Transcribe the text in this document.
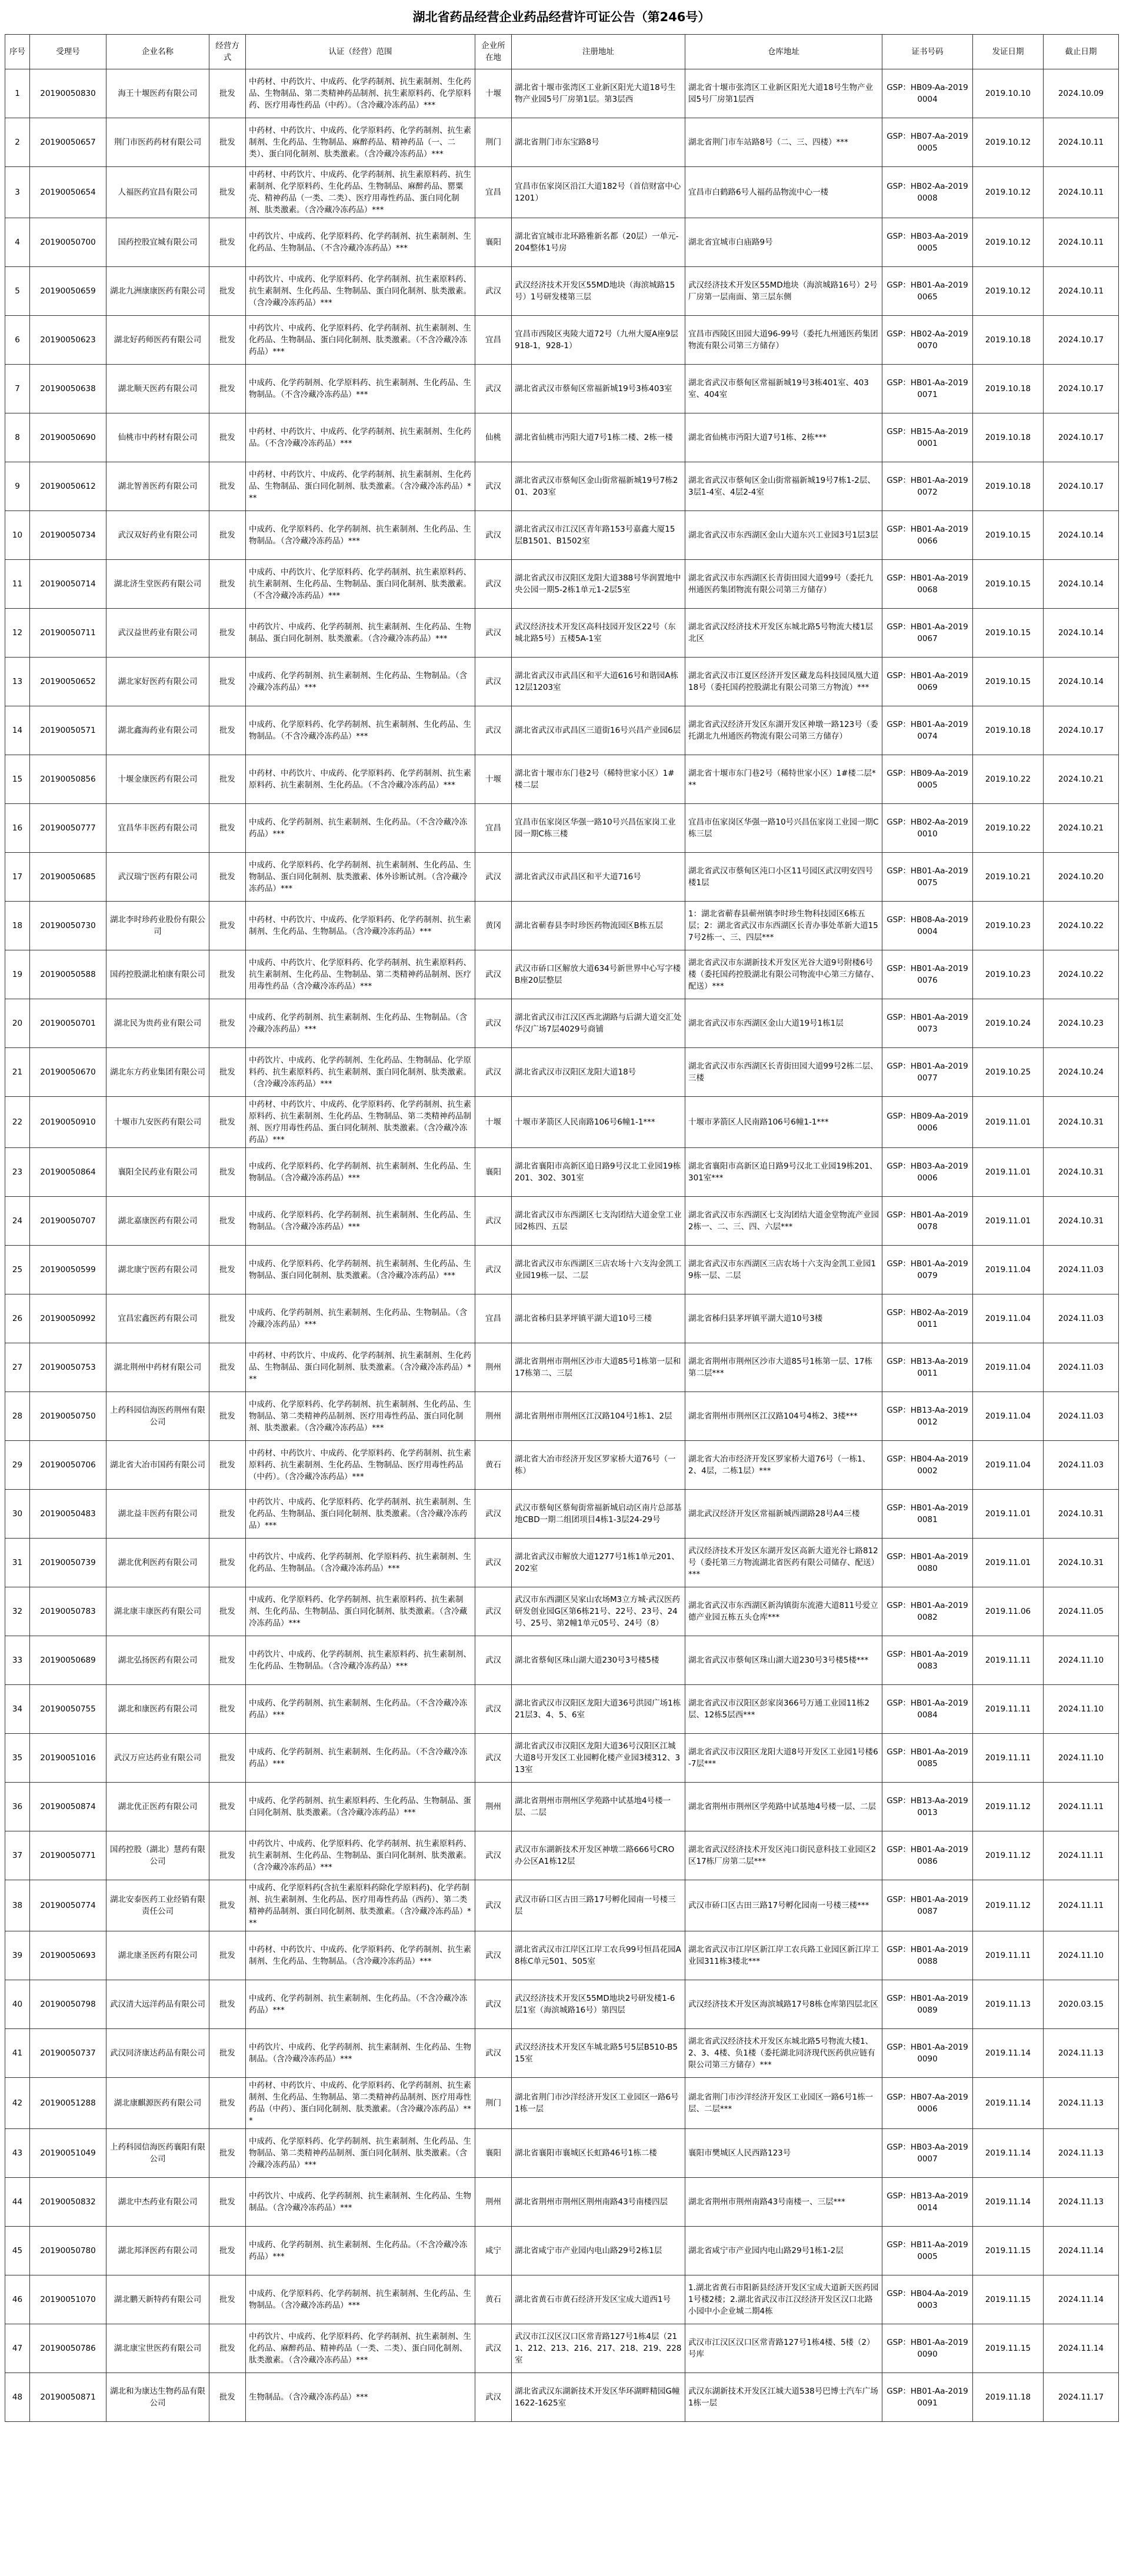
湖北省药品经营企业药品经营许可证公告（第246号）
序号	受理号	企业名称	经营方式	认证（经营）范围	企业所在地	注册地址	仓库地址	证书号码	发证日期	截止日期
1	20190050830	海王十堰医药有限公司	批发	中药材、中药饮片、中成药、化学药制剂、抗生素制剂、生化药品、生物制品、第二类精神药品制剂、抗生素原料药、化学原料药、医疗用毒性药品（中药）。（含冷藏冷冻药品）***	十堰	湖北省十堰市张湾区工业新区阳光大道18号生物产业园5号厂房第1层。第3层西	湖北省十堰市张湾区工业新区阳光大道18号生物产业园5号厂房第1层西	GSP：HB09-Aa-20190004	2019.10.10	2024.10.09
2	20190050657	荆门市医药药材有限公司	批发	中药材、中药饮片、中成药、化学原料药、化学药制剂、抗生素制剂、生化药品、生物制品、麻醉药品、精神药品（一、二类）、蛋白同化制剂、肽类激素。（含冷藏冷冻药品）***	荆门	湖北省荆门市东宝路8号	湖北省荆门市车站路8号（二、三、四楼）***	GSP：HB07-Aa-20190005	2019.10.12	2024.10.11
3	20190050654	人福医药宜昌有限公司	批发	中药材、中药饮片、中成药、化学药制剂、抗生素原料药、抗生素制剂、化学原料药、生化药品、生物制品、麻醉药品、罂粟壳、精神药品（一类、二类）、医疗用毒性药品、蛋白同化制剂、肽类激素。（含冷藏冷冻药品）***	宜昌	宜昌市伍家岗区沿江大道182号（首信财富中心1201）	宜昌市白鹤路6号人福药品物流中心一楼	GSP：HB02-Aa-20190008	2019.10.12	2024.10.11
4	20190050700	国药控股宜城有限公司	批发	中药饮片、中成药、化学原料药、化学药制剂、抗生素制剂、生化药品、生物制品、（不含冷藏冷冻药品）***	襄阳	湖北省宜城市北环路雅新名都（20层）一单元-204整体1号房	湖北省宜城市白庙路9号	GSP：HB03-Aa-20190005	2019.10.12	2024.10.11
5	20190050659	湖北九洲康康医药有限公司	批发	中药饮片、中成药、化学原料药、化学药制剂、抗生素原料药、抗生素制剂、生化药品、生物制品、蛋白同化制剂、肽类激素。（含冷藏冷冻药品）***	武汉	武汉经济技术开发区55MD地块（海滨城路15号）1号研发楼第三层	武汉经济技术开发区55MD地块（海滨城路16号）2号厂房第一层南面、第三层东侧	GSP：HB01-Aa-20190065	2019.10.12	2024.10.11
6	20190050623	湖北好药师医药有限公司	批发	中药饮片、中成药、化学原料药、化学药制剂、抗生素制剂、生化药品、生物制品、蛋白同化制剂、肽类激素。（不含冷藏冷冻药品）***	宜昌	宜昌市西陵区夷陵大道72号（九州大厦A座9层918-1，928-1）	宜昌市西陵区田园大道96-99号（委托九州通医药集团物流有限公司第三方储存）	GSP：HB02-Aa-20190070	2019.10.18	2024.10.17
7	20190050638	湖北顺天医药有限公司	批发	中成药、化学药制剂、化学原料药、抗生素制剂、生化药品、生物制品。（不含冷藏冷冻药品）***	武汉	湖北省武汉市蔡甸区常福新城19号3栋403室	湖北省武汉市蔡甸区常福新城19号3栋401室、403室、404室	GSP：HB01-Aa-20190071	2019.10.18	2024.10.17
8	20190050690	仙桃市中药材有限公司	批发	中药材、中药饮片、中成药、化学药制剂、抗生素制剂、生化药品。（不含冷藏冷冻药品）***	仙桃	湖北省仙桃市沔阳大道7号1栋二楼、2栋一楼	湖北省仙桃市沔阳大道7号1栋、2栋***	GSP：HB15-Aa-20190001	2019.10.18	2024.10.17
9	20190050612	湖北智善医药有限公司	批发	中药材、中药饮片、中成药、化学药制剂、抗生素制剂、生化药品、生物制品、蛋白同化制剂、肽类激素。（含冷藏冷冻药品）***	武汉	湖北省武汉市蔡甸区金山街常福新城19号7栋201、203室	湖北省武汉市蔡甸区金山街常福新城19号7栋1-2层、3层1-4室、4层2-4室	GSP：HB01-Aa-20190072	2019.10.18	2024.10.17
10	20190050734	武汉双好药业有限公司	批发	中成药、化学原料药、化学药制剂、抗生素制剂、生化药品、生物制品。（含冷藏冷冻药品）***	武汉	湖北省武汉市江汉区青年路153号嘉鑫大厦15层B1501、B1502室	湖北省武汉市东西湖区金山大道东兴工业园3号1层3层	GSP：HB01-Aa-20190066	2019.10.15	2024.10.14
11	20190050714	湖北济生堂医药有限公司	批发	中成药、中药饮片、化学原料药、化学药制剂、抗生素原料药、抗生素制剂、生化药品、生物制品、蛋白同化制剂、肽类激素。（不含冷藏冷冻药品）***	武汉	湖北省武汉市汉阳区龙阳大道388号华润置地中央公园一期5-2栋1单元1-2层5室	湖北省武汉市东西湖区长青街田园大道99号（委托九州通医药集团物流有限公司第三方储存）	GSP：HB01-Aa-20190068	2019.10.15	2024.10.14
12	20190050711	武汉益世药业有限公司	批发	中药饮片、中成药、化学药制剂、抗生素制剂、生化药品、生物制品、蛋白同化制剂、肽类激素。（含冷藏冷冻药品）***	武汉	武汉经济技术开发区高科技园开发区22号（东城北路5号）五楼5A-1室	湖北省武汉经济技术开发区东城北路5号物流大楼1层北区	GSP：HB01-Aa-20190067	2019.10.15	2024.10.14
13	20190050652	湖北家好医药有限公司	批发	中成药、化学药制剂、抗生素制剂、生化药品、生物制品。（含冷藏冷冻药品）***	武汉	湖北省武汉市武昌区和平大道616号和谐园A栋12层1203室	湖北省武汉市江夏区经济开发区藏龙岛科技园凤凰大道18号（委托国药控股湖北有限公司第三方物流）***	GSP：HB01-Aa-20190069	2019.10.15	2024.10.14
14	20190050571	湖北鑫海药业有限公司	批发	中成药、化学原料药、化学药制剂、抗生素制剂、生化药品、生物制品。（不含冷藏冷冻药品）***	武汉	湖北省武汉市武昌区三道街16号兴昌产业园6层	湖北省武汉经济开发区东湖开发区神墩一路123号（委托湖北九州通医药物流有限公司第三方储存）	GSP：HB01-Aa-20190074	2019.10.18	2024.10.17
15	20190050856	十堰金康医药有限公司	批发	中药材、中药饮片、中成药、化学原料药、化学药制剂、抗生素原料药、抗生素制剂、生化药品。（不含冷藏冷冻药品）***	十堰	湖北省十堰市东门巷2号（稀特世家小区）1#楼二层	湖北省十堰市东门巷2号（稀特世家小区）1#楼二层***	GSP：HB09-Aa-20190005	2019.10.22	2024.10.21
16	20190050777	宜昌华丰医药有限公司	批发	中成药、化学药制剂、抗生素制剂、生化药品。（不含冷藏冷冻药品）***	宜昌	宜昌市伍家岗区华强一路10号兴昌伍家岗工业园一期C栋三楼	宜昌市伍家岗区华强一路10号兴昌伍家岗工业园一期C栋三层	GSP：HB02-Aa-20190010	2019.10.22	2024.10.21
17	20190050685	武汉瑞宁医药有限公司	批发	中成药、化学原料药、化学药制剂、抗生素制剂、生化药品、生物制品、蛋白同化制剂、肽类激素、体外诊断试剂。（含冷藏冷冻药品）***	武汉	湖北省武汉市武昌区和平大道716号	湖北省武汉市蔡甸区沌口小区11号园区武汉明安四号楼1层	GSP：HB01-Aa-20190075	2019.10.21	2024.10.20
18	20190050730	湖北李时珍药业股份有限公司	批发	中药材、中药饮片、中成药、化学原料药、化学药制剂、抗生素制剂、生化药品、生物制品。（含冷藏冷冻药品）***	黄冈	湖北省蕲春县李时珍医药物流园区B栋五层	1：湖北省蕲春县蕲州镇李时珍生物科技园区6栋五层；2：湖北省武汉市东西湖区长青办事处革新大道157号2栋一、三、四层***	GSP：HB08-Aa-20190004	2019.10.23	2024.10.22
19	20190050588	国药控股湖北柏康有限公司	批发	中成药、中药饮片、化学原料药、化学药制剂、抗生素原料药、抗生素制剂、生化药品、生物制品、第二类精神药品制剂、医疗用毒性药品（含冷藏冷冻药品）***	武汉	武汉市硚口区解放大道634号新世界中心写字楼B座20层整层	湖北省武汉市东湖新技术开发区光谷大道9号附楼6号楼（委托国药控股湖北有限公司物流中心第三方储存、配送）***	GSP：HB01-Aa-20190076	2019.10.23	2024.10.22
20	20190050701	湖北民为贵药业有限公司	批发	中成药、化学药制剂、抗生素制剂、生化药品、生物制品。（含冷藏冷冻药品）***	武汉	湖北省武汉市江汉区西北湖路与后湖大道交汇处华汉广场7层4029号商铺	湖北省武汉市东西湖区金山大道19号1栋1层	GSP：HB01-Aa-20190073	2019.10.24	2024.10.23
21	20190050670	湖北东方药业集团有限公司	批发	中药饮片、中成药、化学药制剂、生化药品、生物制品、化学原料药、抗生素原料药、抗生素制剂、蛋白同化制剂、肽类激素。（含冷藏冷冻药品）***	武汉	湖北省武汉市汉阳区龙阳大道18号	湖北省武汉市东西湖区长青街田园大道99号2栋二层、三楼	GSP：HB01-Aa-20190077	2019.10.25	2024.10.24
22	20190050910	十堰市九安医药有限公司	批发	中药材、中药饮片、中成药、化学原料药、化学药制剂、抗生素原料药、抗生素制剂、生化药品、生物制品、第二类精神药品制剂、医疗用毒性药品、蛋白同化制剂、肽类激素。（含冷藏冷冻药品）***	十堰	十堰市茅箭区人民南路106号6幢1-1***	十堰市茅箭区人民南路106号6幢1-1***	GSP：HB09-Aa-20190006	2019.11.01	2024.10.31
23	20190050864	襄阳全民药业有限公司	批发	中成药、化学原料药、化学药制剂、抗生素制剂、生化药品、生物制品。（含冷藏冷冻药品）***	襄阳	湖北省襄阳市高新区追日路9号汉北工业园19栋201、302、301室	湖北省襄阳市高新区追日路9号汉北工业园19栋201、301室***	GSP：HB03-Aa-20190006	2019.11.01	2024.10.31
24	20190050707	湖北嘉康医药有限公司	批发	中成药、化学原料药、化学药制剂、抗生素制剂、生化药品、生物制品。（含冷藏冷冻药品）***	武汉	湖北省武汉市东西湖区七支沟团结大道金堂工业园2栋四、五层	湖北省武汉市东西湖区七支沟团结大道金堂物流产业园2栋一、二、三、四、六层***	GSP：HB01-Aa-20190078	2019.11.01	2024.10.31
25	20190050599	湖北康宁医药有限公司	批发	中成药、化学原料药、化学药制剂、抗生素制剂、生化药品、生物制品、蛋白同化制剂、肽类激素。（含冷藏冷冻药品）***	武汉	湖北省武汉市东西湖区三店农场十六支沟金凯工业园19栋一层、二层	湖北省武汉市东西湖区三店农场十六支沟金凯工业园19栋一层、二层	GSP：HB01-Aa-20190079	2019.11.04	2024.11.03
26	20190050992	宜昌宏鑫医药有限公司	批发	中成药、化学药制剂、抗生素制剂、生化药品、生物制品。（含冷藏冷冻药品）***	宜昌	湖北省秭归县茅坪镇平湖大道10号三楼	湖北省秭归县茅坪镇平湖大道10号3楼	GSP：HB02-Aa-20190011	2019.11.04	2024.11.03
27	20190050753	湖北荆州中药材有限公司	批发	中药材、中药饮片、中成药、化学药制剂、抗生素制剂、生化药品、生物制品、蛋白同化制剂、肽类激素。（含冷藏冷冻药品）***	荆州	湖北省荆州市荆州区沙市大道85号1栋第一层和17栋第二、三层	湖北省荆州市荆州区沙市大道85号1栋第一层、17栋第二层***	GSP：HB13-Aa-20190011	2019.11.04	2024.11.03
28	20190050750	上药科园信海医药荆州有限公司	批发	中成药、化学原料药、化学药制剂、抗生素制剂、生化药品、生物制品、第二类精神药品制剂、医疗用毒性药品、蛋白同化制剂、肽类激素。（含冷藏冷冻药品）***	荆州	湖北省荆州市荆州区江汉路104号1栋1、2层	湖北省荆州市荆州区江汉路104号4栋2、3楼***	GSP：HB13-Aa-20190012	2019.11.04	2024.11.03
29	20190050706	湖北省大冶市国药有限公司	批发	中药材、中药饮片、中成药、化学原料药、化学药制剂、抗生素原料药、抗生素制剂、生化药品、生物制品、医疗用毒性药品（中药）。（含冷藏冷冻药品）***	黄石	湖北省大冶市经济开发区罗家桥大道76号（一栋）	湖北省大冶市经济开发区罗家桥大道76号（一栋1、2、4层，二栋1层）***	GSP：HB04-Aa-20190002	2019.11.04	2024.11.03
30	20190050483	湖北益丰医药有限公司	批发	中药饮片、中成药、化学原料药、化学药制剂、抗生素制剂、生化药品、生物制品、蛋白同化制剂、肽类激素。（含冷藏冷冻药品）***	武汉	武汉市蔡甸区蔡甸街常福新城启动区南片总部基地CBD一期二组团项目4栋1-3层24-29号	湖北武汉经济开发区常福新城西湖路28号A4三楼	GSP：HB01-Aa-20190081	2019.11.01	2024.10.31
31	20190050739	湖北优利医药有限公司	批发	中药饮片、中成药、化学药制剂、化学原料药、抗生素制剂、生化药品、生物制品。（含冷藏冷冻药品）***	武汉	湖北省武汉市解放大道1277号1栋1单元201、202室	武汉经济技术开发区东湖开发区高新大道光谷七路812号（委托第三方物流湖北省医药有限公司储存、配送）***	GSP：HB01-Aa-20190080	2019.11.01	2024.10.31
32	20190050783	湖北康丰康医药有限公司	批发	中成药、化学原料药、化学药制剂、抗生素原料药、抗生素制剂、生化药品、生物制品、蛋白同化制剂、肽类激素。（含冷藏冷冻药品）***	武汉	武汉市东西湖区吴家山农场M3立方城·武汉医药研发创业园G区第6栋21号、22号、23号、24号、25号、第2幢1单元05号、24号（8）	湖北省武汉市东西湖区新沟镇街东流港大道811号爱立德产业园五栋五头仓库***	GSP：HB01-Aa-20190082	2019.11.06	2024.11.05
33	20190050689	湖北弘扬医药有限公司	批发	中药饮片、中成药、化学药制剂、抗生素原料药、抗生素制剂、生化药品、生物制品。（含冷藏冷冻药品）***	武汉	湖北省蔡甸区珠山湖大道230号3号楼5楼	湖北省武汉市蔡甸区珠山湖大道230号3号楼5楼***	GSP：HB01-Aa-20190083	2019.11.11	2024.11.10
34	20190050755	湖北和康医药有限公司	批发	中成药、化学药制剂、抗生素制剂、生化药品。（不含冷藏冷冻药品）***	武汉	湖北省武汉市汉阳区龙阳大道36号洪园广场1栋21层3、4、5、6室	湖北省武汉市汉阳区彭家岗366号万通工业园11栋2层、12栋5层西***	GSP：HB01-Aa-20190084	2019.11.11	2024.11.10
35	20190051016	武汉万应达药业有限公司	批发	中成药、化学药制剂、抗生素制剂、生化药品。（不含冷藏冷冻药品）***	武汉	湖北省武汉市汉阳区龙阳大道36号汉阳区江城大道8号开发区工业园孵化楼产业园3楼312、313室	湖北省武汉市汉阳区龙阳大道8号开发区工业园1号楼6-7层***	GSP：HB01-Aa-20190085	2019.11.11	2024.11.10
36	20190050874	湖北优正医药有限公司	批发	中成药、化学药制剂、抗生素原料药、生化药品、生物制品、蛋白同化制剂、肽类激素。（含冷藏冷冻药品）***	荆州	湖北省荆州市荆州区学苑路中试基地4号楼一层、二层	湖北省荆州市荆州区学苑路中试基地4号楼一层、二层	GSP：HB13-Aa-20190013	2019.11.12	2024.11.11
37	20190050771	国药控股（湖北）慧药有限公司	批发	中药饮片、中成药、化学原料药、化学药制剂、抗生素原料药、抗生素制剂、生化药品、生物制品、蛋白同化制剂、肽类激素。（含冷藏冷冻药品）***	武汉	武汉市东湖新技术开发区神墩二路666号CRO办公区A1栋12层	湖北省武汉经济技术开发区沌口街民意科技工业园区2区17栋厂房第二层***	GSP：HB01-Aa-20190086	2019.11.12	2024.11.11
38	20190050774	湖北安泰医药工业经销有限责任公司	批发	中成药、化学原料药(含抗生素原料药除化学原料药)、化学药制剂、抗生素制剂、生化药品、医疗用毒性药品（西药）、第二类精神药品制剂、蛋白同化制剂、肽类激素。（含冷藏冷冻药品）***	武汉	武汉市硚口区古田三路17号孵化园南一号楼三层	武汉市硚口区古田三路17号孵化园南一号楼三楼***	GSP：HB01-Aa-20190087	2019.11.12	2024.11.11
39	20190050693	湖北康圣医药有限公司	批发	中药材、中药饮片、中成药、化学原料药、化学药制剂、抗生素制剂、生化药品、生物制品。（含冷藏冷冻药品）***	武汉	湖北省武汉市江岸区江岸工农兵99号恒昌花园A8栋C单元501、505室	湖北省武汉市江岸区新江岸工农兵路工业园区新江岸工业园311栋3楼北***	GSP：HB01-Aa-20190088	2019.11.11	2024.11.10
40	20190050798	武汉清大远洋药品有限公司	批发	中成药、化学药制剂、抗生素制剂、生化药品。（不含冷藏冷冻药品）***	武汉	武汉经济技术开发区55MD地块2号研发楼1-6层1室（海滨城路16号）第四层	武汉经济技术开发区海滨城路17号8栋仓库第四层北区	GSP：HB01-Aa-20190089	2019.11.13	2020.03.15
41	20190050737	武汉同济康达药品有限公司	批发	中药饮片、中成药、化学药制剂、抗生素制剂、生化药品、生物制品。（含冷藏冷冻药品）***	武汉	武汉经济技术开发区车城北路5号5层B510-B515室	湖北省武汉经济技术开发区东城北路5号物流大楼1、2、3、4楼、负1楼（委托湖北同济现代医药供应链有限公司第三方储存）***	GSP：HB01-Aa-20190090	2019.11.14	2024.11.13
42	20190051288	湖北康麒源医药有限公司	批发	中药材、中药饮片、中成药、化学原料药、化学药制剂、抗生素制剂、生化药品、生物制品、第二类精神药品制剂、医疗用毒性药品（中药）、蛋白同化制剂、肽类激素。（含冷藏冷冻药品）***	荆门	湖北省荆门市沙洋经济开发区工业园区一路6号1栋一层	湖北省荆门市沙洋经济开发区工业园区一路6号1栋一层、二层***	GSP：HB07-Aa-20190006	2019.11.14	2024.11.13
43	20190051049	上药科园信海医药襄阳有限公司	批发	中成药、化学原料药、化学药制剂、抗生素制剂、生化药品、生物制品、第二类精神药品制剂、蛋白同化制剂、肽类激素。（含冷藏冷冻药品）***	襄阳	湖北省襄阳市襄城区长虹路46号1栋二楼	襄阳市樊城区人民西路123号	GSP：HB03-Aa-20190007	2019.11.14	2024.11.13
44	20190050832	湖北中杰药业有限公司	批发	中药饮片、中成药、化学药制剂、抗生素制剂、生化药品、生物制品。（含冷藏冷冻药品）***	荆州	湖北省荆州市荆州区荆州南路43号南楼四层	湖北省荆州市荆州南路43号南楼一、三层***	GSP：HB13-Aa-20190014	2019.11.14	2024.11.13
45	20190050780	湖北邦泽医药有限公司	批发	中成药、化学药制剂、抗生素制剂、生化药品。（不含冷藏冷冻药品）***	咸宁	湖北省咸宁市产业园内电山路29号2栋1层	湖北省咸宁市产业园内电山路29号1栋1-2层	GSP：HB11-Aa-20190005	2019.11.15	2024.11.14
46	20190051070	湖北鹏天新特药有限公司	批发	中成药、化学原料药、化学药制剂、抗生素制剂、生化药品、生物制品。（含冷藏冷冻药品）***	黄石	湖北省黄石市黄石经济开发区宝成大道西1号	1.湖北省黄石市阳新县经济开发区宝成大道新天医药园1号楼2楼；2.湖北省武汉市江汉经济开发区汉口北路小园中小企业城二期4栋	GSP：HB04-Aa-20190003	2019.11.15	2024.11.14
47	20190050786	湖北康宝世医药有限公司	批发	中药饮片、中成药、化学原料药、化学药制剂、抗生素制剂、生化药品、麻醉药品、精神药品（一类、二类）、蛋白同化制剂、肽类激素。（含冷藏冷冻药品）***	武汉	武汉市江汉区汉口区常青路127号1栋4层（211、212、213、216、217、218、219、228室	武汉市江汉区汉口区常青路127号1栋4楼、5楼（2）号库	GSP：HB01-Aa-20190090	2019.11.15	2024.11.14
48	20190050871	湖北和为康达生物药品有限公司	批发	生物制品。（含冷藏冷冻药品）***	武汉	湖北省武汉东湖新技术开发区华环湖畔精园G幢1622-1625室	武汉东湖新技术开发区江城大道538号巴博士汽车广场1栋一层	GSP：HB01-Aa-20190091	2019.11.18	2024.11.17
